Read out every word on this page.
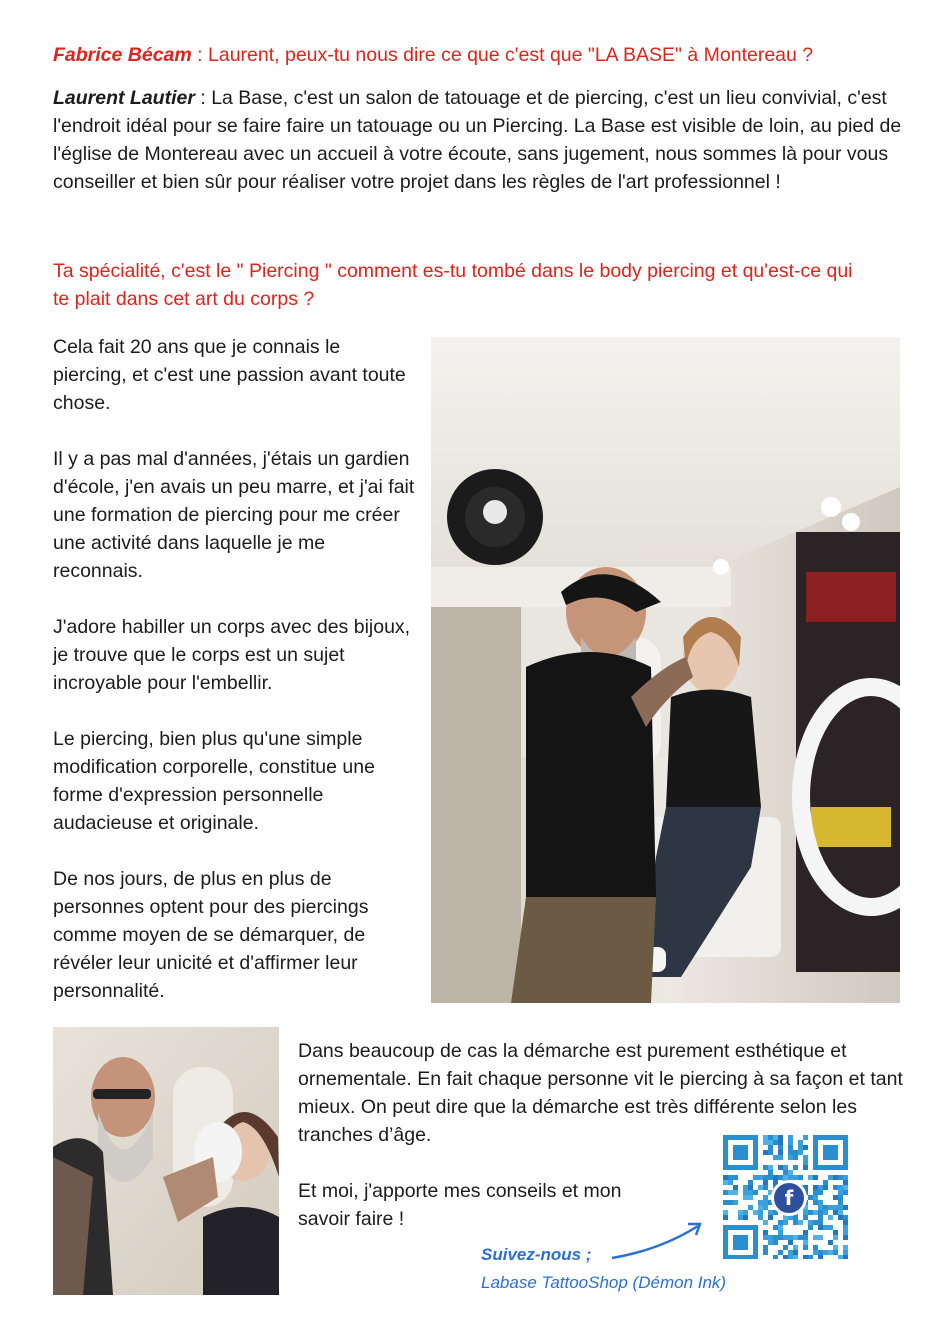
Fabrice Bécam : Laurent, peux-tu nous dire ce que c'est que "LA BASE" à Montereau ?
Laurent Lautier : La Base, c'est un salon de tatouage et de piercing, c'est un lieu convivial, c'est l'endroit idéal pour se faire faire un tatouage ou un Piercing. La Base est visible de loin, au pied de l'église de Montereau avec un accueil à votre écoute, sans jugement, nous sommes là pour vous conseiller et bien sûr pour réaliser votre projet dans les règles de l'art professionnel !
Ta spécialité, c'est le " Piercing " comment es-tu tombé dans le body piercing et qu'est-ce qui te plait dans cet art du corps ?

Cela fait 20 ans que je connais le piercing, et c'est une passion avant toute chose.

Il y a pas mal d'années, j'étais un gardien d'école, j'en avais un peu marre, et j'ai fait une formation de piercing pour me créer une activité dans laquelle je me reconnais.

J'adore habiller un corps avec des bijoux, je trouve que le corps est un sujet incroyable pour l'embellir.

Le piercing, bien plus qu'une simple modification corporelle, constitue une forme d'expression personnelle audacieuse et originale.

De nos jours, de plus en plus de personnes optent pour des piercings comme moyen de se démarquer, de révéler leur unicité et d'affirmer leur personnalité.

Dans beaucoup de cas la démarche est purement esthétique et ornementale. En fait chaque personne vit le piercing à sa façon et tant mieux. On peut dire que la démarche est très différente selon les tranches d’âge.

Et moi, j'apporte mes conseils et mon savoir faire !

Suivez-nous ;
Labase TattooShop (Démon Ink)
f
